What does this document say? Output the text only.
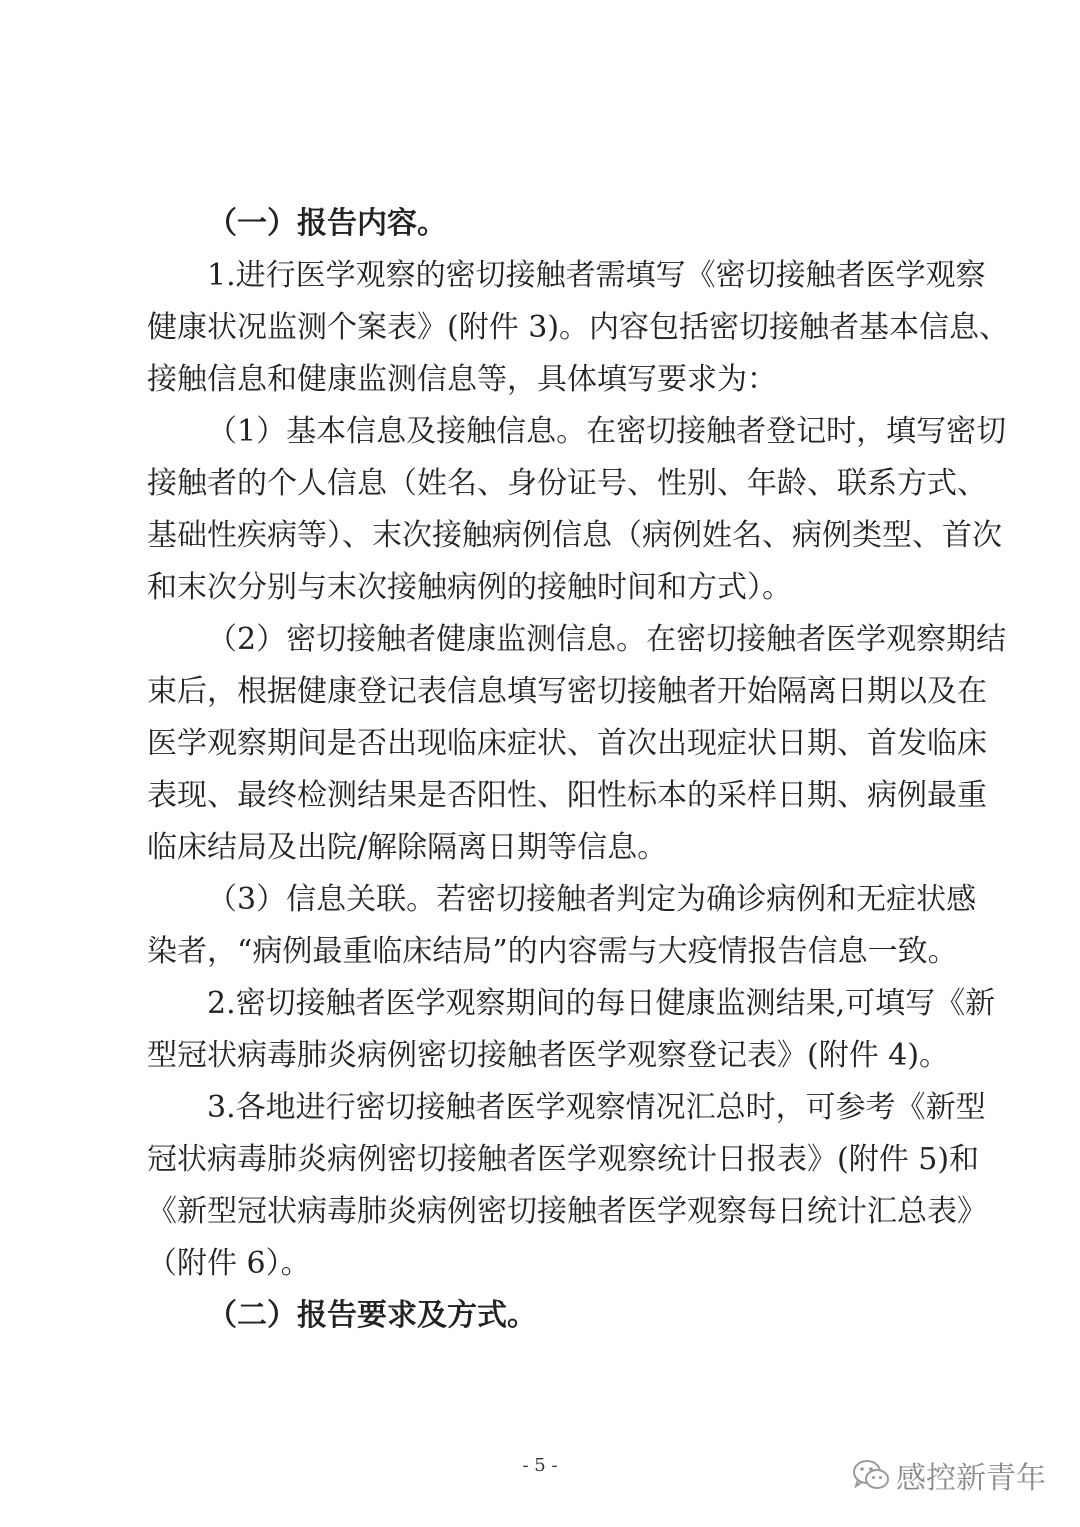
（一）报告内容。

1.进行医学观察的密切接触者需填写《密切接触者医学观察
健康状况监测个案表》(附件 3)。内容包括密切接触者基本信息、
接触信息和健康监测信息等，具体填写要求为：
（1）基本信息及接触信息。在密切接触者登记时，填写密切
接触者的个人信息（姓名、身份证号、性别、年龄、联系方式、
基础性疾病等）、末次接触病例信息（病例姓名、病例类型、首次
和末次分别与末次接触病例的接触时间和方式）。
（2）密切接触者健康监测信息。在密切接触者医学观察期结
束后，根据健康登记表信息填写密切接触者开始隔离日期以及在
医学观察期间是否出现临床症状、首次出现症状日期、首发临床
表现、最终检测结果是否阳性、阳性标本的采样日期、病例最重
临床结局及出院/解除隔离日期等信息。
（3）信息关联。若密切接触者判定为确诊病例和无症状感
染者，“病例最重临床结局”的内容需与大疫情报告信息一致。
2.密切接触者医学观察期间的每日健康监测结果,可填写《新
型冠状病毒肺炎病例密切接触者医学观察登记表》(附件 4)。
3.各地进行密切接触者医学观察情况汇总时，可参考《新型
冠状病毒肺炎病例密切接触者医学观察统计日报表》(附件 5)和
《新型冠状病毒肺炎病例密切接触者医学观察每日统计汇总表》
（附件 6）。

（二）报告要求及方式。

- 5 -	感控新青年
